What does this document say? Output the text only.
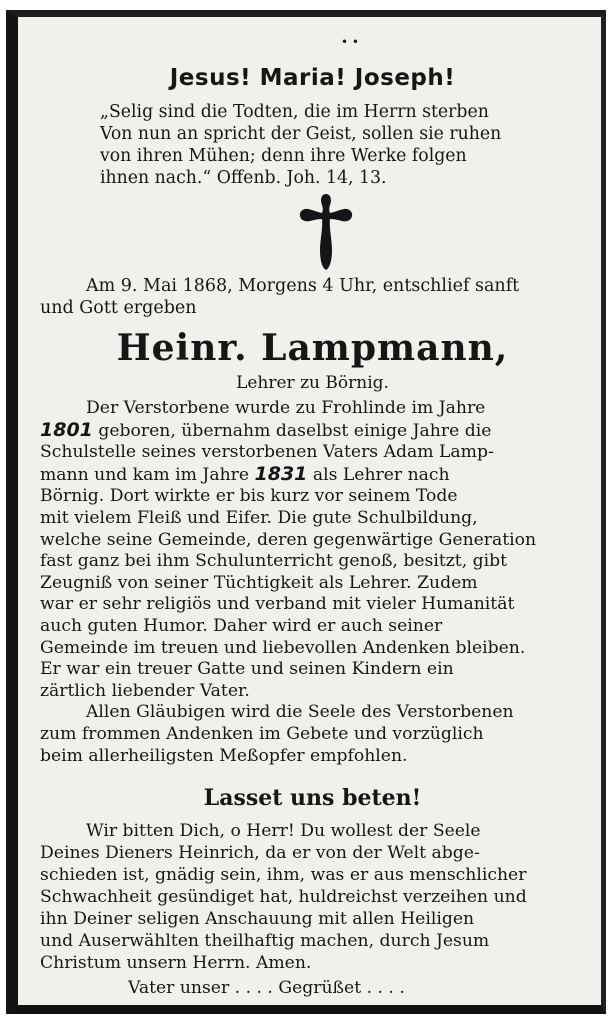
• •
Jesus! Maria! Joseph!

„Selig sind die Todten, die im Herrn sterben

Von nun an spricht der Geist, sollen sie ruhen

von ihren Mühen; denn ihre Werke folgen

ihnen nach.“ Offenb. Joh. 14, 13.

Am 9. Mai 1868, Morgens 4 Uhr, entschlief sanft

und Gott ergeben

Heinr. Lampmann,
Lehrer zu Börnig.

Der Verstorbene wurde zu Frohlinde im Jahre

1801 geboren, übernahm daselbst einige Jahre die

Schulstelle seines verstorbenen Vaters Adam Lamp-

mann und kam im Jahre 1831 als Lehrer nach

Börnig. Dort wirkte er bis kurz vor seinem Tode

mit vielem Fleiß und Eifer. Die gute Schulbildung,

welche seine Gemeinde, deren gegenwärtige Generation

fast ganz bei ihm Schulunterricht genoß, besitzt, gibt

Zeugniß von seiner Tüchtigkeit als Lehrer. Zudem

war er sehr religiös und verband mit vieler Humanität

auch guten Humor. Daher wird er auch seiner

Gemeinde im treuen und liebevollen Andenken bleiben.

Er war ein treuer Gatte und seinen Kindern ein

zärtlich liebender Vater.

Allen Gläubigen wird die Seele des Verstorbenen

zum frommen Andenken im Gebete und vorzüglich

beim allerheiligsten Meßopfer empfohlen.

Lasset uns beten!

Wir bitten Dich, o Herr! Du wollest der Seele

Deines Dieners Heinrich, da er von der Welt abge-

schieden ist, gnädig sein, ihm, was er aus menschlicher

Schwachheit gesündiget hat, huldreichst verzeihen und

ihn Deiner seligen Anschauung mit allen Heiligen

und Auserwählten theilhaftig machen, durch Jesum

Christum unsern Herrn. Amen.

Vater unser . . . . Gegrüßet . . . .
